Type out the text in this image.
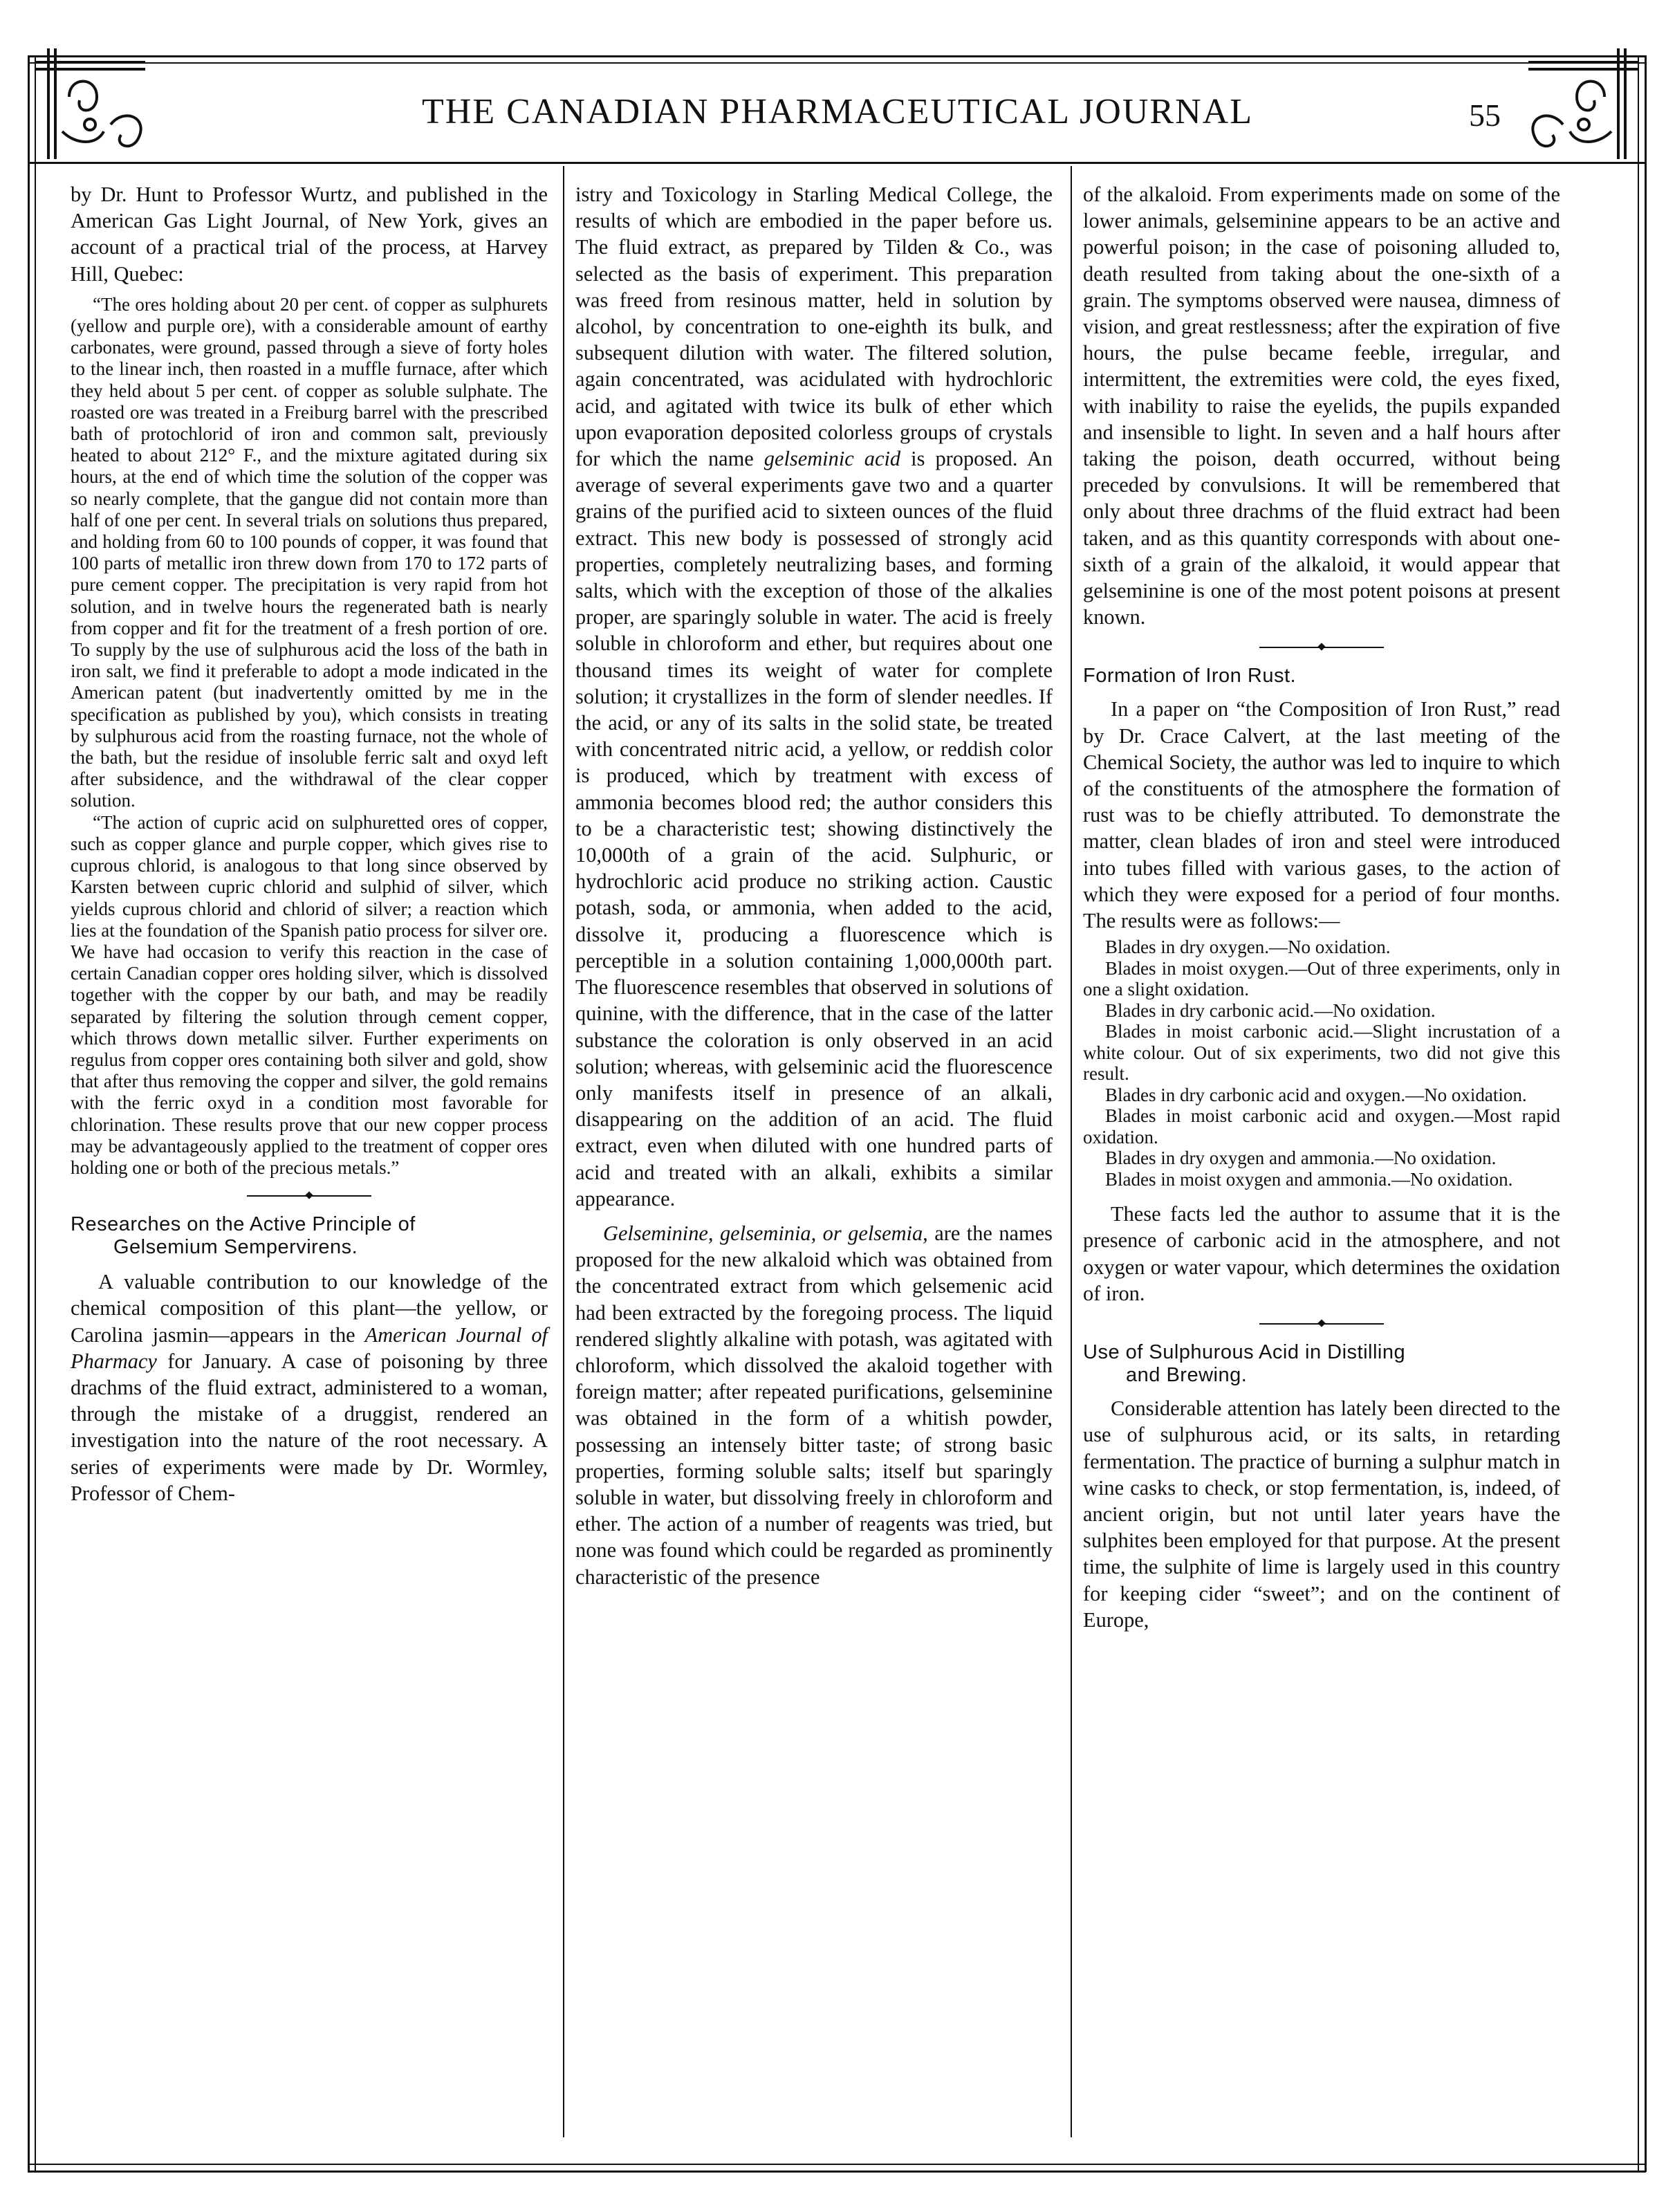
THE CANADIAN PHARMACEUTICAL JOURNAL	55

by Dr. Hunt to Professor Wurtz, and published in the American Gas Light Journal, of New York, gives an account of a practical trial of the process, at Harvey Hill, Quebec:

“The ores holding about 20 per cent. of copper as sulphurets (yellow and purple ore), with a considerable amount of earthy carbonates, were ground, passed through a sieve of forty holes to the linear inch, then roasted in a muffle furnace, after which they held about 5 per cent. of copper as soluble sulphate. The roasted ore was treated in a Freiburg barrel with the prescribed bath of protochlorid of iron and common salt, previously heated to about 212° F., and the mixture agitated during six hours, at the end of which time the solution of the copper was so nearly complete, that the gangue did not contain more than half of one per cent. In several trials on solutions thus prepared, and holding from 60 to 100 pounds of copper, it was found that 100 parts of metallic iron threw down from 170 to 172 parts of pure cement copper. The precipitation is very rapid from hot solution, and in twelve hours the regenerated bath is nearly from copper and fit for the treatment of a fresh portion of ore. To supply by the use of sulphurous acid the loss of the bath in iron salt, we find it preferable to adopt a mode indicated in the American patent (but inadvertently omitted by me in the specification as published by you), which consists in treating by sulphurous acid from the roasting furnace, not the whole of the bath, but the residue of insoluble ferric salt and oxyd left after subsidence, and the withdrawal of the clear copper solution.

“The action of cupric acid on sulphuretted ores of copper, such as copper glance and purple copper, which gives rise to cuprous chlorid, is analogous to that long since observed by Karsten between cupric chlorid and sulphid of silver, which yields cuprous chlorid and chlorid of silver; a reaction which lies at the foundation of the Spanish patio process for silver ore. We have had occasion to verify this reaction in the case of certain Canadian copper ores holding silver, which is dissolved together with the copper by our bath, and may be readily separated by filtering the solution through cement copper, which throws down metallic silver. Further experiments on regulus from copper ores containing both silver and gold, show that after thus removing the copper and silver, the gold remains with the ferric oxyd in a condition most favorable for chlorination. These results prove that our new copper process may be advantageously applied to the treatment of copper ores holding one or both of the precious metals.”

Researches on the Active Principle of
Gelsemium Sempervirens.

A valuable contribution to our knowledge of the chemical composition of this plant—the yellow, or Carolina jasmin—appears in the American Journal of Pharmacy for January. A case of poisoning by three drachms of the fluid extract, administered to a woman, through the mistake of a druggist, rendered an investigation into the nature of the root necessary. A series of experiments were made by Dr. Wormley, Professor of Chem-

istry and Toxicology in Starling Medical College, the results of which are embodied in the paper before us. The fluid extract, as prepared by Tilden & Co., was selected as the basis of experiment. This preparation was freed from resinous matter, held in solution by alcohol, by concentration to one-eighth its bulk, and subsequent dilution with water. The filtered solution, again concentrated, was acidulated with hydrochloric acid, and agitated with twice its bulk of ether which upon evaporation deposited colorless groups of crystals for which the name gelseminic acid is proposed. An average of several experiments gave two and a quarter grains of the purified acid to sixteen ounces of the fluid extract. This new body is possessed of strongly acid properties, completely neutralizing bases, and forming salts, which with the exception of those of the alkalies proper, are sparingly soluble in water. The acid is freely soluble in chloroform and ether, but requires about one thousand times its weight of water for complete solution; it crystallizes in the form of slender needles. If the acid, or any of its salts in the solid state, be treated with concentrated nitric acid, a yellow, or reddish color is produced, which by treatment with excess of ammonia becomes blood red; the author considers this to be a characteristic test; showing distinctively the 10,000th of a grain of the acid. Sulphuric, or hydrochloric acid produce no striking action. Caustic potash, soda, or ammonia, when added to the acid, dissolve it, producing a fluorescence which is perceptible in a solution containing 1,000,000th part. The fluorescence resembles that observed in solutions of quinine, with the difference, that in the case of the latter substance the coloration is only observed in an acid solution; whereas, with gelseminic acid the fluorescence only manifests itself in presence of an alkali, disappearing on the addition of an acid. The fluid extract, even when diluted with one hundred parts of acid and treated with an alkali, exhibits a similar appearance.

Gelseminine, gelseminia, or gelsemia, are the names proposed for the new alkaloid which was obtained from the concentrated extract from which gelsemenic acid had been extracted by the foregoing process. The liquid rendered slightly alkaline with potash, was agitated with chloroform, which dissolved the akaloid together with foreign matter; after repeated purifications, gelseminine was obtained in the form of a whitish powder, possessing an intensely bitter taste; of strong basic properties, forming soluble salts; itself but sparingly soluble in water, but dissolving freely in chloroform and ether. The action of a number of reagents was tried, but none was found which could be regarded as prominently characteristic of the presence

of the alkaloid. From experiments made on some of the lower animals, gelseminine appears to be an active and powerful poison; in the case of poisoning alluded to, death resulted from taking about the one-sixth of a grain. The symptoms observed were nausea, dimness of vision, and great restlessness; after the expiration of five hours, the pulse became feeble, irregular, and intermittent, the extremities were cold, the eyes fixed, with inability to raise the eyelids, the pupils expanded and insensible to light. In seven and a half hours after taking the poison, death occurred, without being preceded by convulsions. It will be remembered that only about three drachms of the fluid extract had been taken, and as this quantity corresponds with about one-sixth of a grain of the alkaloid, it would appear that gelseminine is one of the most potent poisons at present known.

Formation of Iron Rust.

In a paper on “the Composition of Iron Rust,” read by Dr. Crace Calvert, at the last meeting of the Chemical Society, the author was led to inquire to which of the constituents of the atmosphere the formation of rust was to be chiefly attributed. To demonstrate the matter, clean blades of iron and steel were introduced into tubes filled with various gases, to the action of which they were exposed for a period of four months. The results were as follows:—

Blades in dry oxygen.—No oxidation.

Blades in moist oxygen.—Out of three experiments, only in one a slight oxidation.

Blades in dry carbonic acid.—No oxidation.

Blades in moist carbonic acid.—Slight incrustation of a white colour. Out of six experiments, two did not give this result.

Blades in dry carbonic acid and oxygen.—No oxidation.

Blades in moist carbonic acid and oxygen.—Most rapid oxidation.

Blades in dry oxygen and ammonia.—No oxidation.

Blades in moist oxygen and ammonia.—No oxidation.

These facts led the author to assume that it is the presence of carbonic acid in the atmosphere, and not oxygen or water vapour, which determines the oxidation of iron.

Use of Sulphurous Acid in Distilling
and Brewing.

Considerable attention has lately been directed to the use of sulphurous acid, or its salts, in retarding fermentation. The practice of burning a sulphur match in wine casks to check, or stop fermentation, is, indeed, of ancient origin, but not until later years have the sulphites been employed for that purpose. At the present time, the sulphite of lime is largely used in this country for keeping cider “sweet”; and on the continent of Europe,
